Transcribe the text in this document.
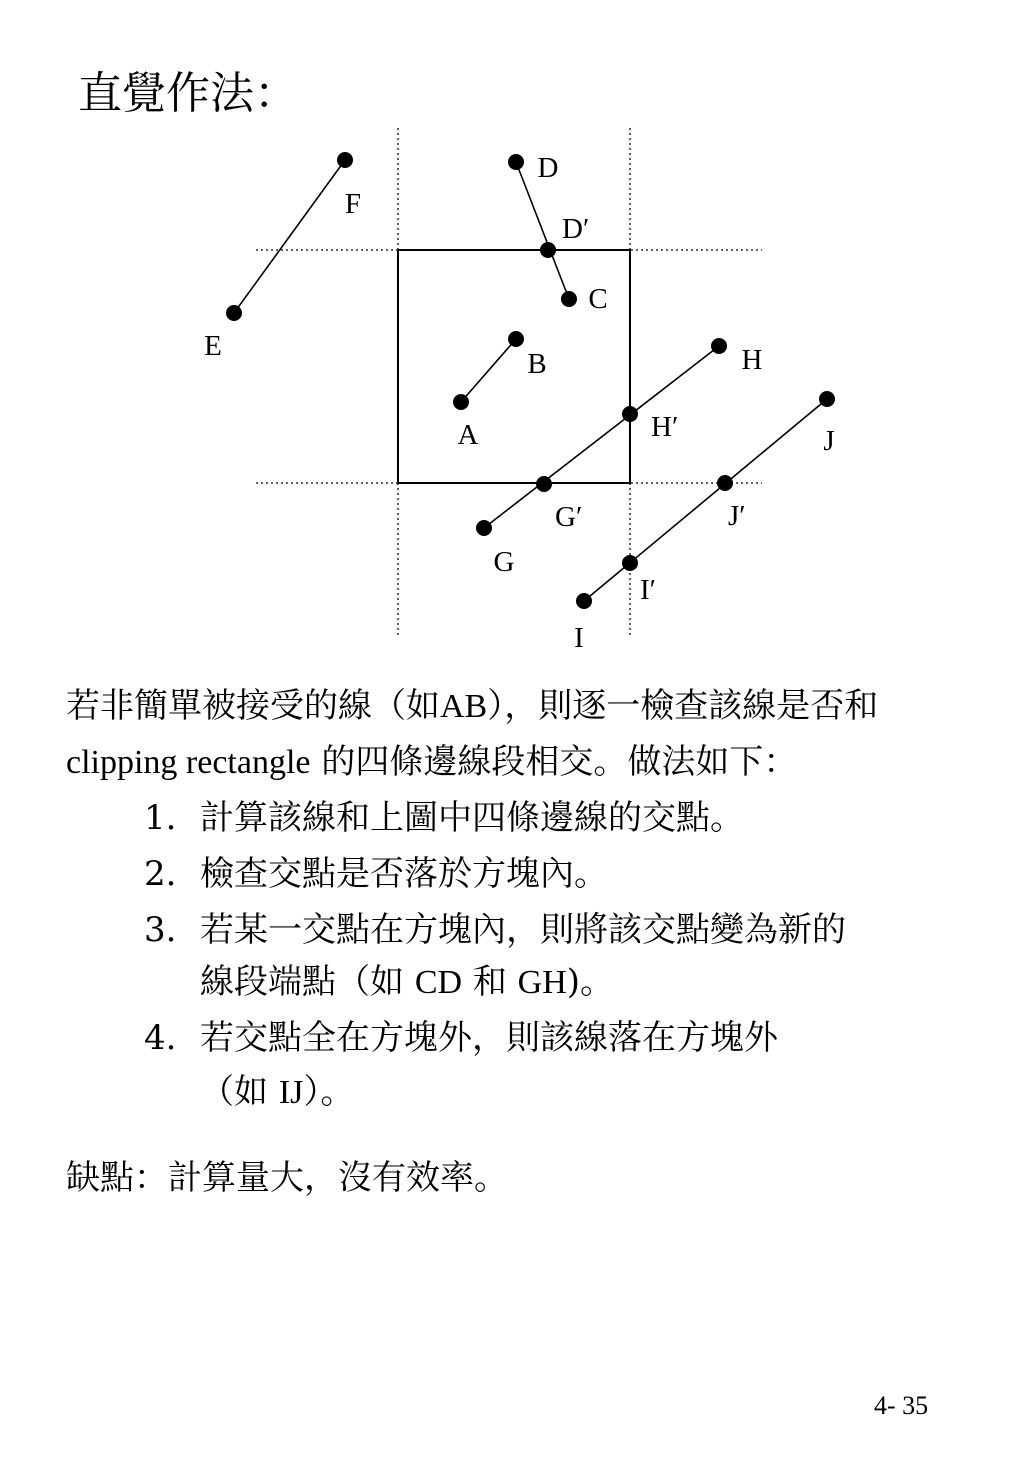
直覺作法：
A
B
C
D
D′
E
F
G
G′
H
H′
I
I′
J
J′
若非簡單被接受的線（如AB），則逐一檢查該線是否和
clipping rectangle 的四條邊線段相交。做法如下：
1. 計算該線和上圖中四條邊線的交點。
2. 檢查交點是否落於方塊內。
3. 若某一交點在方塊內，則將該交點變為新的
線段端點（如 CD 和 GH)。
4. 若交點全在方塊外，則該線落在方塊外
（如 IJ）。
缺點：計算量大，沒有效率。
4- 35
